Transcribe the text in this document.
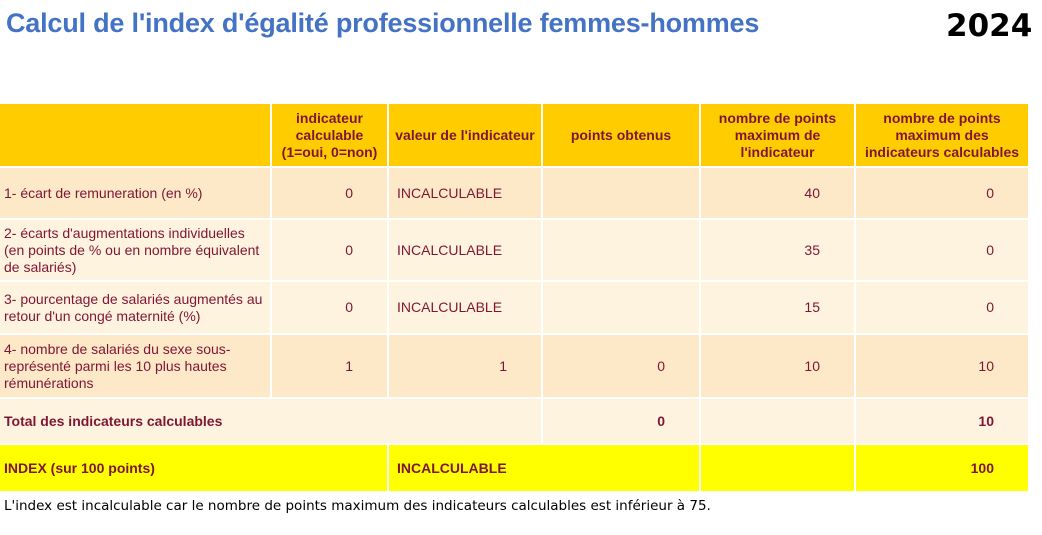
Calcul de l'index d'égalité professionnelle femmes-hommes	2024
	indicateur calculable (1=oui, 0=non)	valeur de l'indicateur	points obtenus	nombre de points maximum de l'indicateur	nombre de points maximum des indicateurs calculables
1- écart de remuneration (en %)	0	INCALCULABLE		40	0
2- écarts d'augmentations individuelles (en points de % ou en nombre équivalent de salariés)	0	INCALCULABLE		35	0
3- pourcentage de salariés augmentés au retour d'un congé maternité (%)	0	INCALCULABLE		15	0
4- nombre de salariés du sexe sous-représenté parmi les 10 plus hautes rémunérations	1	1	0	10	10
Total des indicateurs calculables			0		10
INDEX (sur 100 points)		INCALCULABLE			100
L'index est incalculable car le nombre de points maximum des indicateurs calculables est inférieur à 75.
